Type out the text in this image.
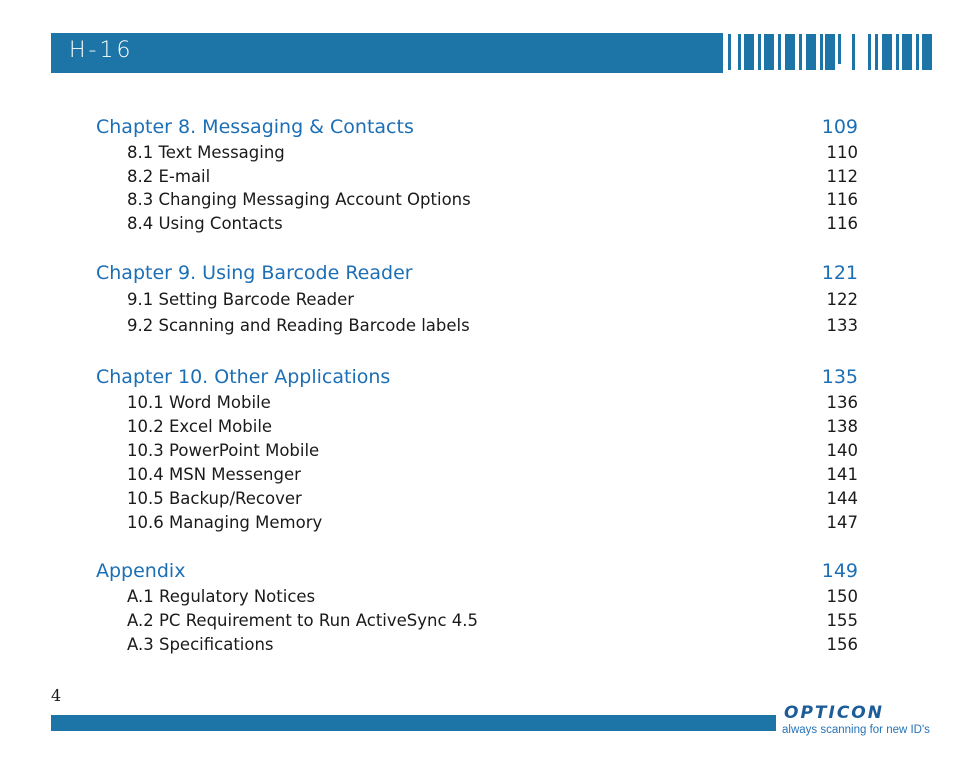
H-16
Chapter 8. Messaging & Contacts	109
8.1 Text Messaging	110
8.2 E-mail	112
8.3 Changing Messaging Account Options	116
8.4 Using Contacts	116
Chapter 9. Using Barcode Reader	121
9.1 Setting Barcode Reader	122
9.2 Scanning and Reading Barcode labels	133
Chapter 10. Other Applications	135
10.1 Word Mobile	136
10.2 Excel Mobile	138
10.3 PowerPoint Mobile	140
10.4 MSN Messenger	141
10.5 Backup/Recover	144
10.6 Managing Memory	147
Appendix	149
A.1 Regulatory Notices	150
A.2 PC Requirement to Run ActiveSync 4.5	155
A.3 Specifications	156
4
OPTICON
always scanning for new ID's
